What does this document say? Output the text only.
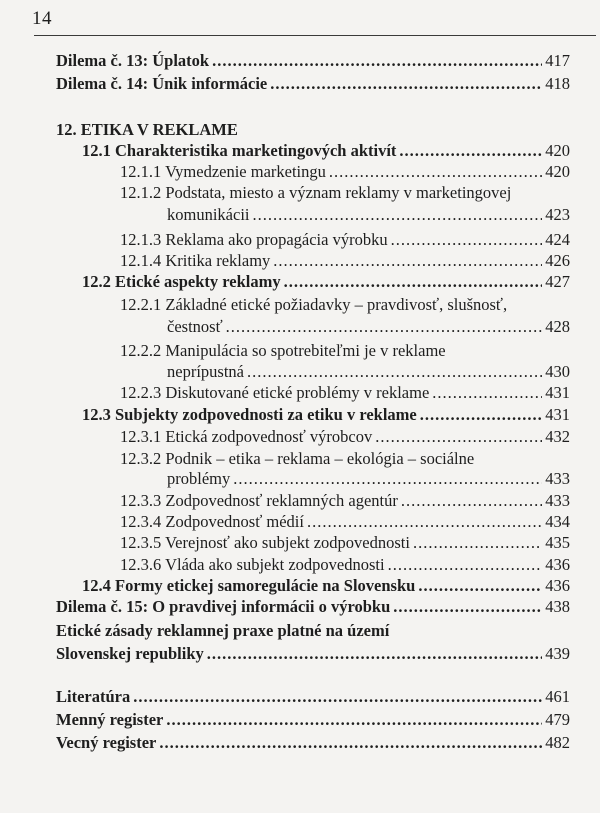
14
Dilema č. 13: Úplatok .....	417
Dilema č. 14: Únik informácie .....	418
12. ETIKA V REKLAME
12.1 Charakteristika marketingových aktivít .....	420
12.1.1 Vymedzenie marketingu .....	420
12.1.2 Podstata, miesto a význam reklamy v marketingovej
komunikácii .....	423
12.1.3 Reklama ako propagácia výrobku .....	424
12.1.4 Kritika reklamy .....	426
12.2 Etické aspekty reklamy .....	427
12.2.1 Základné etické požiadavky – pravdivosť, slušnosť,
čestnosť .....	428
12.2.2 Manipulácia so spotrebiteľmi je v reklame
neprípustná .....	430
12.2.3 Diskutované etické problémy v reklame .....	431
12.3 Subjekty zodpovednosti za etiku v reklame .....	431
12.3.1 Etická zodpovednosť výrobcov .....	432
12.3.2 Podnik – etika – reklama – ekológia – sociálne
problémy .....	433
12.3.3 Zodpovednosť reklamných agentúr .....	433
12.3.4 Zodpovednosť médií .....	434
12.3.5 Verejnosť ako subjekt zodpovednosti .....	435
12.3.6 Vláda ako subjekt zodpovednosti .....	436
12.4 Formy etickej samoregulácie na Slovensku .....	436
Dilema č. 15: O pravdivej informácii o výrobku .....	438
Etické zásady reklamnej praxe platné na území
Slovenskej republiky .....	439
Literatúra .....	461
Menný register .....	479
Vecný register .....	482
